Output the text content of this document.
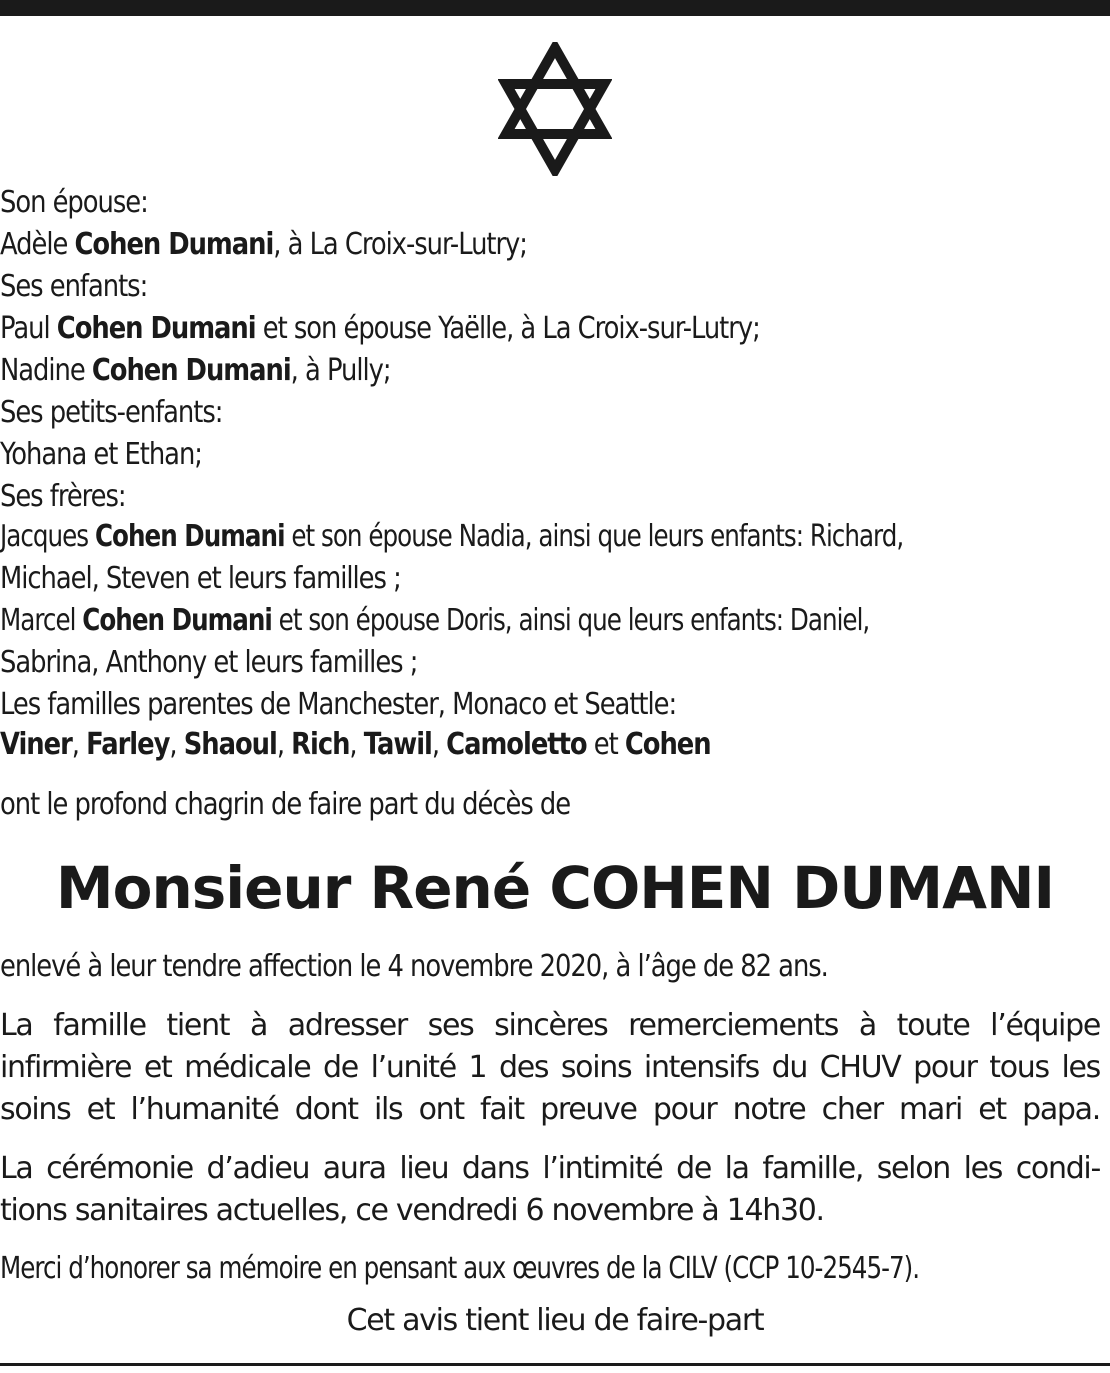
Son épouse:
Adèle Cohen Dumani, à La Croix-sur-Lutry;
Ses enfants:
Paul Cohen Dumani et son épouse Yaëlle, à La Croix-sur-Lutry;
Nadine Cohen Dumani, à Pully;
Ses petits-enfants:
Yohana et Ethan;
Ses frères:
Jacques Cohen Dumani et son épouse Nadia, ainsi que leurs enfants: Richard,
Michael, Steven et leurs familles ;
Marcel Cohen Dumani et son épouse Doris, ainsi que leurs enfants: Daniel,
Sabrina, Anthony et leurs familles ;
Les familles parentes de Manchester, Monaco et Seattle:
Viner, Farley, Shaoul, Rich, Tawil, Camoletto et Cohen
ont le profond chagrin de faire part du décès de
Monsieur René COHEN DUMANI
enlevé à leur tendre affection le 4 novembre 2020, à l’âge de 82 ans.
La famille tient à adresser ses sincères remerciements à toute l’équipe
infirmière et médicale de l’unité 1 des soins intensifs du CHUV pour tous les
soins et l’humanité dont ils ont fait preuve pour notre cher mari et papa.
La cérémonie d’adieu aura lieu dans l’intimité de la famille, selon les condi-
tions sanitaires actuelles, ce vendredi 6 novembre à 14h30.
Merci d’honorer sa mémoire en pensant aux œuvres de la CILV (CCP 10-2545-7).
Cet avis tient lieu de faire-part
